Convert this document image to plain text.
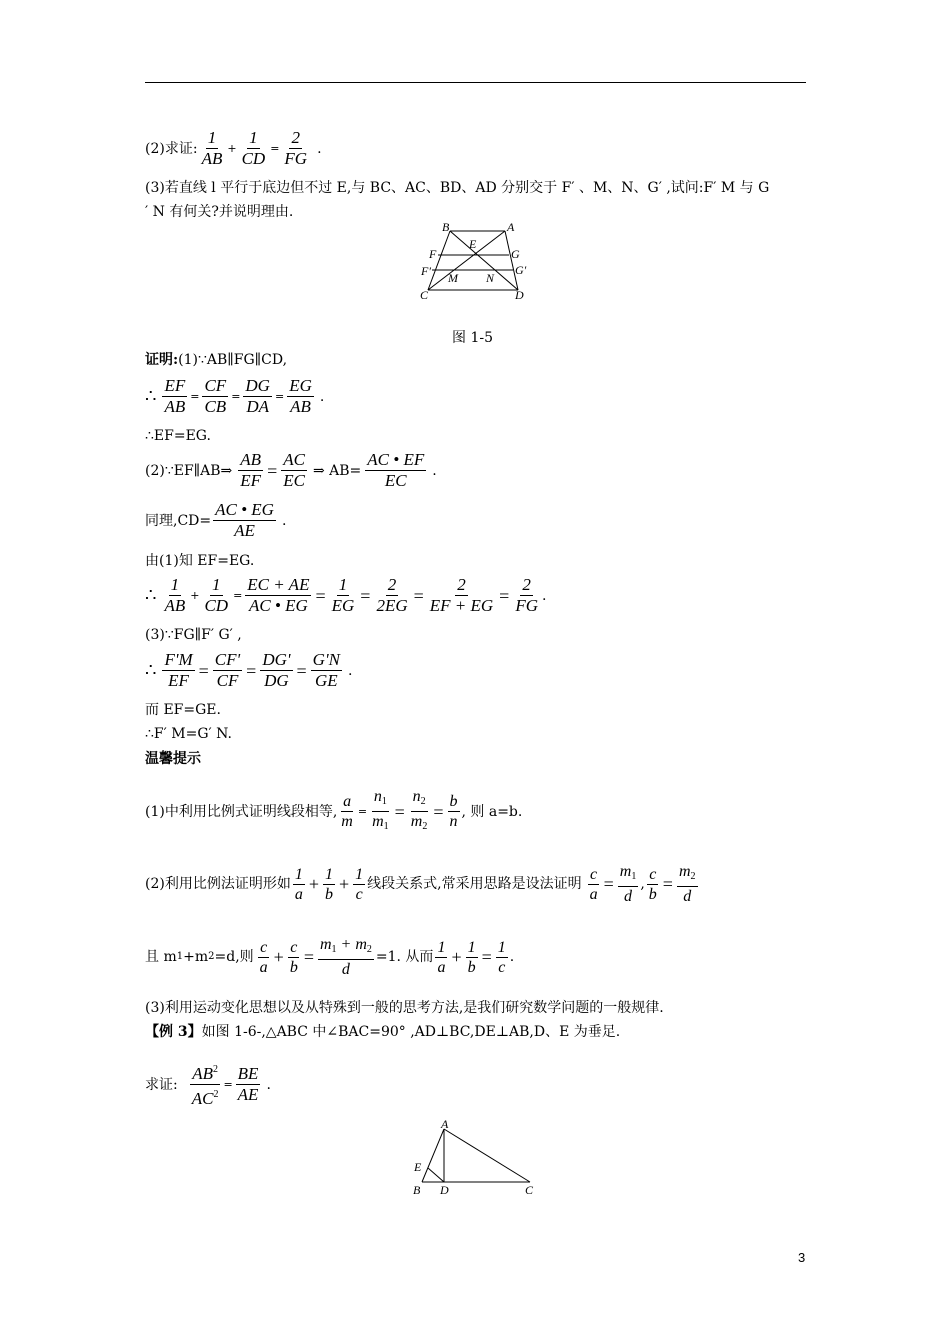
(2)求证: $\frac{1}{AB} + \frac{1}{CD} = \frac{2}{FG}$ .
(3)若直线 l 平行于底边但不过 E,与 BC、AC、BD、AD 分别交于 F′ 、M、N、G′ ,试问:F′ M 与 G
′ N 有何关?并说明理由.
B	A
E
F	G
F′	G′
M N
C	D
图 1-5
证明: (1)∵AB∥FG∥CD,
∴ $\frac{EF}{AB} = \frac{CF}{CB} = \frac{DG}{DA} = \frac{EG}{AB}$ .
∴EF=EG.
(2)∵EF∥AB⇒ $\frac{AB}{EF} = \frac{AC}{EC}$ ⇒ $AB= \frac{AC • EF}{EC}$ .
同理$,CD= \frac{AC • EG}{AE}$ .
由(1)知 EF=EG.
∴ $\frac{1}{AB} + \frac{1}{CD} = \frac{EC + AE}{AC • EG} = \frac{1}{EG} = \frac{2}{2EG} = \frac{2}{EF + EG} = \frac{2}{FG}$ .
(3)∵FG∥F′ G′ ,
∴ $\frac{F'M}{EF} = \frac{CF'}{CF} = \frac{DG'}{DG} = \frac{G'N}{GE}$ .
而 EF=GE.
∴F′ M=G′ N.
温馨提示
(1)中利用比例式证明线段相等, $\frac{a}{m} = \frac{n_1}{m_1} = \frac{n_2}{m_2} = \frac{b}{n}$ , 则 a=b.
(2)利用比例法证明形如 $\frac{1}{a} + \frac{1}{b} + \frac{1}{c}$ 线段关系式,常采用思路是设法证明 $\frac{c}{a} = \frac{m_1}{d}$ , $\frac{c}{b} = \frac{m_2}{d}$
且 m 1 +m 2 =d,则 $\frac{c}{a} + \frac{c}{b} = \frac{m_1 + m_2}{d} =1$. 从而 $\frac{1}{a} + \frac{1}{b} = \frac{1}{c}$ .
(3)利用运动变化思想以及从特殊到一般的思考方法,是我们研究数学问题的一般规律.
【例 3】 如图 1-6-,△ABC 中∠BAC=90° ,AD⊥BC,DE⊥AB,D、E 为垂足.
求证: $\frac{AB^2}{AC^2} = \frac{BE}{AE}$ .
A
E
B D	C
3
